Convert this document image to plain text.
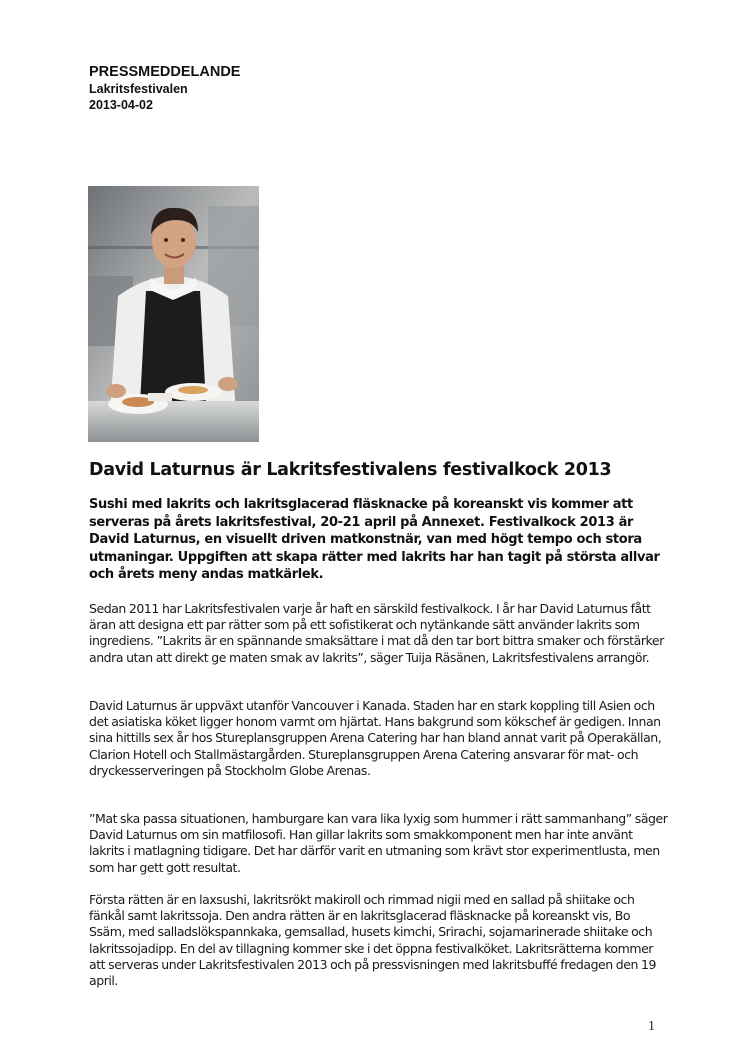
PRESSMEDDELANDE
Lakritsfestivalen
2013-04-02
David Laturnus är Lakritsfestivalens festivalkock 2013
Sushi med lakrits och lakritsglacerad fläsknacke på koreanskt vis kommer att serveras på årets lakritsfestival, 20-21 april på Annexet. Festivalkock 2013 är David Laturnus, en visuellt driven matkonstnär, van med högt tempo och stora utmaningar. Uppgiften att skapa rätter med lakrits har han tagit på största allvar och årets meny andas matkärlek.
Sedan 2011 har Lakritsfestivalen varje år haft en särskild festivalkock. I år har David Laturnus fått äran att designa ett par rätter som på ett sofistikerat och nytänkande sätt använder lakrits som ingrediens. ”Lakrits är en spännande smaksättare i mat då den tar bort bittra smaker och förstärker andra utan att direkt ge maten smak av lakrits”, säger Tuija Räsänen, Lakritsfestivalens arrangör.
David Laturnus är uppväxt utanför Vancouver i Kanada. Staden har en stark koppling till Asien och det asiatiska köket ligger honom varmt om hjärtat. Hans bakgrund som kökschef är gedigen. Innan sina hittills sex år hos Stureplansgruppen Arena Catering har han bland annat varit på Operakällan, Clarion Hotell och Stallmästargården. Stureplansgruppen Arena Catering ansvarar för mat- och dryckesserveringen på Stockholm Globe Arenas.
”Mat ska passa situationen, hamburgare kan vara lika lyxig som hummer i rätt sammanhang” säger David Laturnus om sin matfilosofi. Han gillar lakrits som smakkomponent men har inte använt lakrits i matlagning tidigare. Det har därför varit en utmaning som krävt stor experimentlusta, men som har gett gott resultat.
Första rätten är en laxsushi, lakritsrökt makiroll och rimmad nigii med en sallad på shiitake och fänkål samt lakritssoja. Den andra rätten är en lakritsglacerad fläsknacke på koreanskt vis, Bo Ssäm, med salladslökspannkaka, gemsallad, husets kimchi, Srirachi, sojamarinerade shiitake och lakritssojadipp. En del av tillagning kommer ske i det öppna festivalköket. Lakritsrätterna kommer att serveras under Lakritsfestivalen 2013 och på pressvisningen med lakritsbuffé fredagen den 19 april.
1
